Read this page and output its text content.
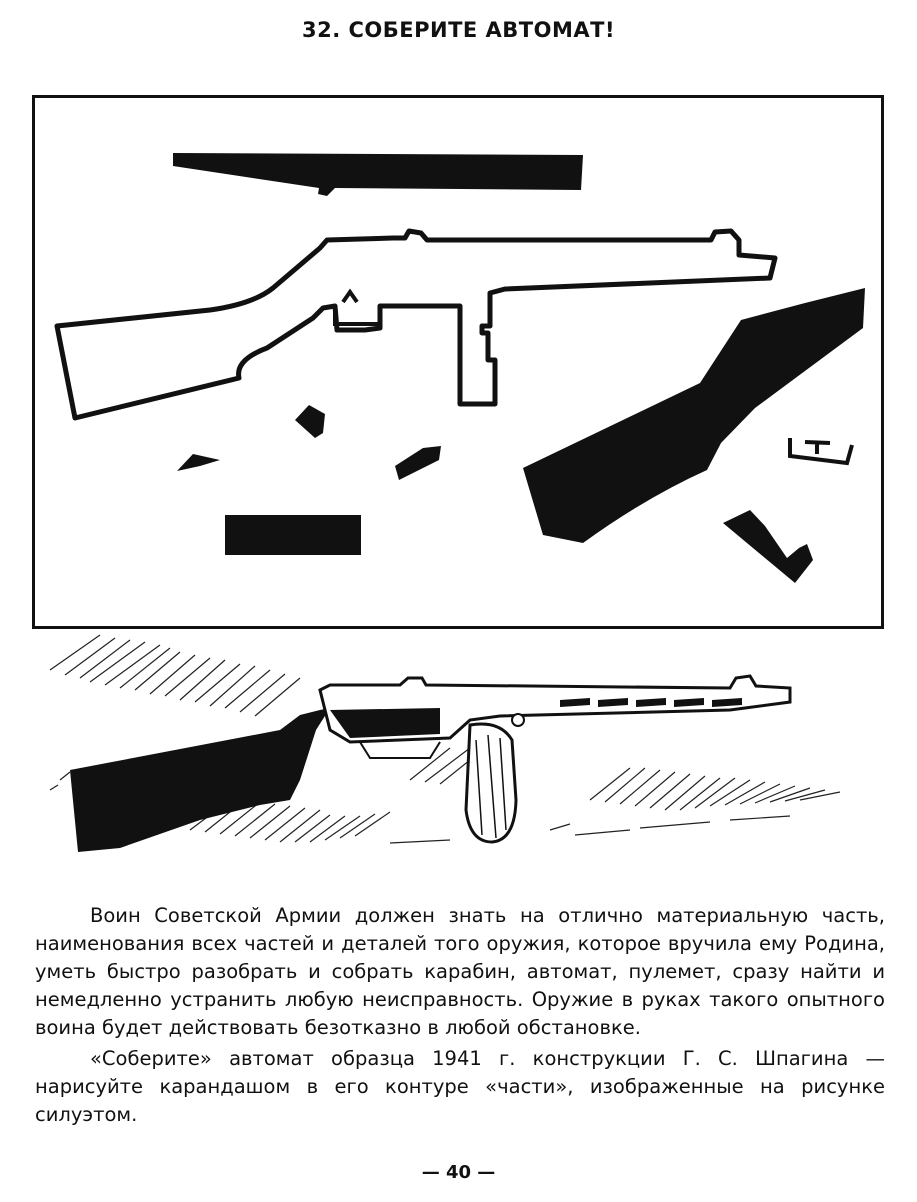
32. СОБЕРИТЕ АВТОМАТ!

Воин Советской Армии должен знать на отлично материальную часть, наименования всех частей и деталей того оружия, которое вручила ему Родина, уметь быстро разобрать и собрать карабин, автомат, пулемет, сразу найти и немедленно устранить любую неисправность. Оружие в руках такого опытного воина будет действовать безотказно в любой обстановке.

«Соберите» автомат образца 1941 г. конструкции Г. С. Шпагина — нарисуйте карандашом в его контуре «части», изображенные на рисунке силуэтом.

— 40 —
